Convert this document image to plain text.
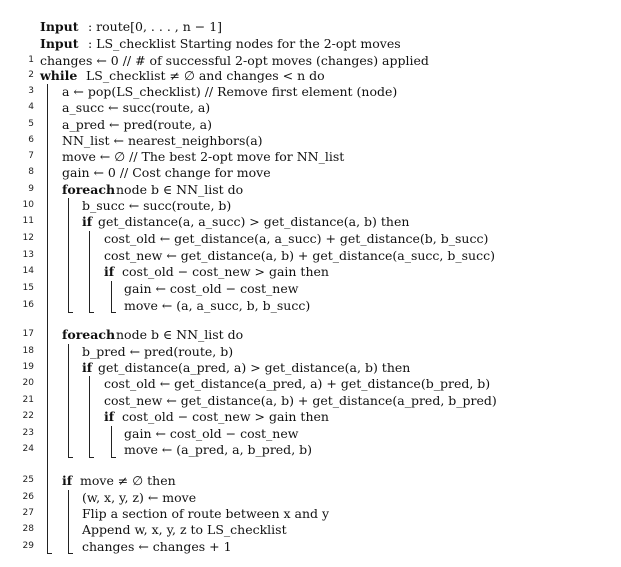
Input : route[0, . . . , n − 1]
Input : LS_checklist Starting nodes for the 2-opt moves
1 changes ← 0 // # of successful 2-opt moves (changes) applied
2 while LS_checklist ≠ ∅ and changes < n do
3 a ← pop(LS_checklist) // Remove first element (node)
4 a_succ ← succ(route, a)
5 a_pred ← pred(route, a)
6 NN_list ← nearest_neighbors(a)
7 move ← ∅ // The best 2-opt move for NN_list
8 gain ← 0 // Cost change for move
9 foreach node b ∈ NN_list do
10	b_succ ← succ(route, b)
11	if get_distance(a, a_succ) > get_distance(a, b) then
12	cost_old ← get_distance(a, a_succ) + get_distance(b, b_succ)
13	cost_new ← get_distance(a, b) + get_distance(a_succ, b_succ)
14	if cost_old − cost_new > gain then
15	gain ← cost_old − cost_new
16	move ← (a, a_succ, b, b_succ)
17 foreach node b ∈ NN_list do
18	b_pred ← pred(route, b)
19	if get_distance(a_pred, a) > get_distance(a, b) then
20	cost_old ← get_distance(a_pred, a) + get_distance(b_pred, b)
21	cost_new ← get_distance(a, b) + get_distance(a_pred, b_pred)
22	if cost_old − cost_new > gain then
23	gain ← cost_old − cost_new
24	move ← (a_pred, a, b_pred, b)
25 if move ≠ ∅ then
26	(w, x, y, z) ← move
27	Flip a section of route between x and y
28	Append w, x, y, z to LS_checklist
29	changes ← changes + 1
